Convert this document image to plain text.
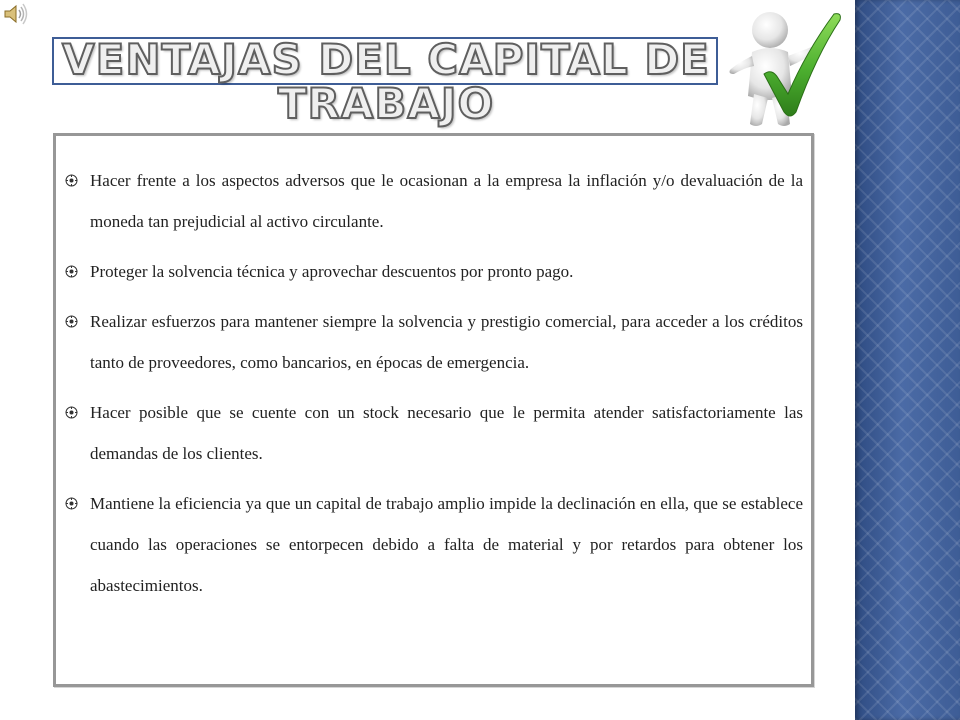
VENTAJAS DEL CAPITAL DE TRABAJO
Hacer frente a los aspectos adversos que le ocasionan a la empresa la inflación y/o devaluación de la moneda tan prejudicial al activo circulante.
Proteger la solvencia técnica y aprovechar descuentos por pronto pago.
Realizar esfuerzos para mantener siempre la solvencia y prestigio comercial, para acceder a los créditos tanto de proveedores, como bancarios, en épocas de emergencia.
Hacer posible que se cuente con un stock necesario que le permita atender satisfactoriamente las demandas de los clientes.
Mantiene la eficiencia ya que un capital de trabajo amplio impide la declinación en ella, que se establece cuando las operaciones se entorpecen debido a falta de material y por retardos para obtener los abastecimientos.
